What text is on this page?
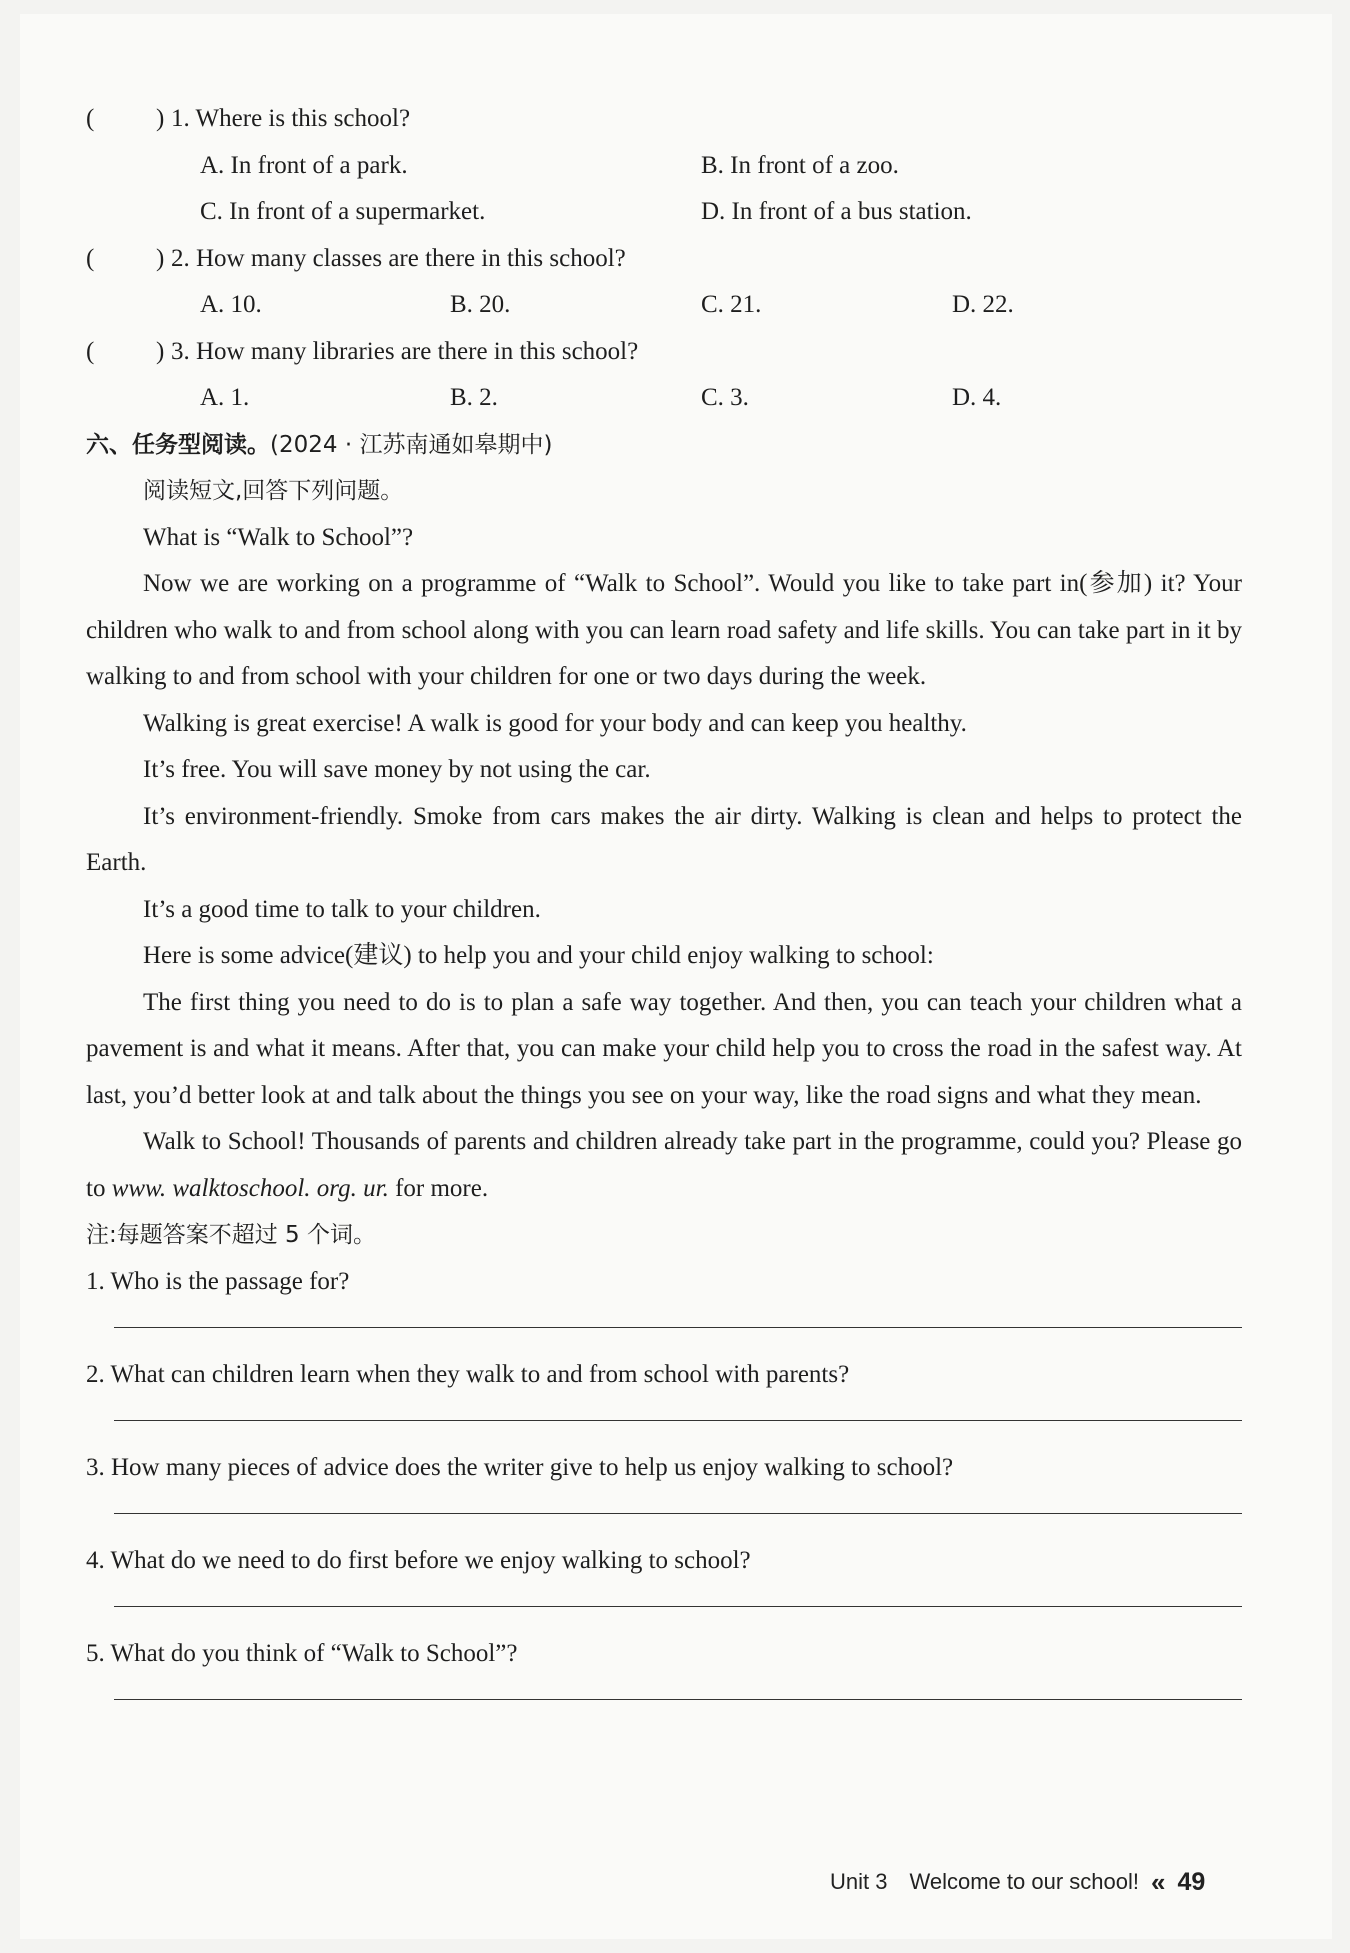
( ) 1. Where is this school?
A. In front of a park.	B. In front of a zoo.
C. In front of a supermarket.	D. In front of a bus station.
( ) 2. How many classes are there in this school?
A. 10.	B. 20.	C. 21.	D. 22.
( ) 3. How many libraries are there in this school?
A. 1.	B. 2.	C. 3.	D. 4.
六、任务型阅读。(2024 · 江苏南通如皋期中)
阅读短文,回答下列问题。
What is “Walk to School”?

Now we are working on a programme of “Walk to School”. Would you like to take part in(参加) it? Your children who walk to and from school along with you can learn road safety and life skills. You can take part in it by walking to and from school with your children for one or two days during the week.

Walking is great exercise! A walk is good for your body and can keep you healthy.

It’s free. You will save money by not using the car.

It’s environment-friendly. Smoke from cars makes the air dirty. Walking is clean and helps to protect the Earth.

It’s a good time to talk to your children.

Here is some advice(建议) to help you and your child enjoy walking to school:

The first thing you need to do is to plan a safe way together. And then, you can teach your children what a pavement is and what it means. After that, you can make your child help you to cross the road in the safest way. At last, you’d better look at and talk about the things you see on your way, like the road signs and what they mean.

Walk to School! Thousands of parents and children already take part in the programme, could you? Please go to www. walktoschool. org. ur. for more.

注:每题答案不超过 5 个词。
1. Who is the passage for?
2. What can children learn when they walk to and from school with parents?
3. How many pieces of advice does the writer give to help us enjoy walking to school?
4. What do we need to do first before we enjoy walking to school?
5. What do you think of “Walk to School”?
Unit 3 Welcome to our school! « 49
